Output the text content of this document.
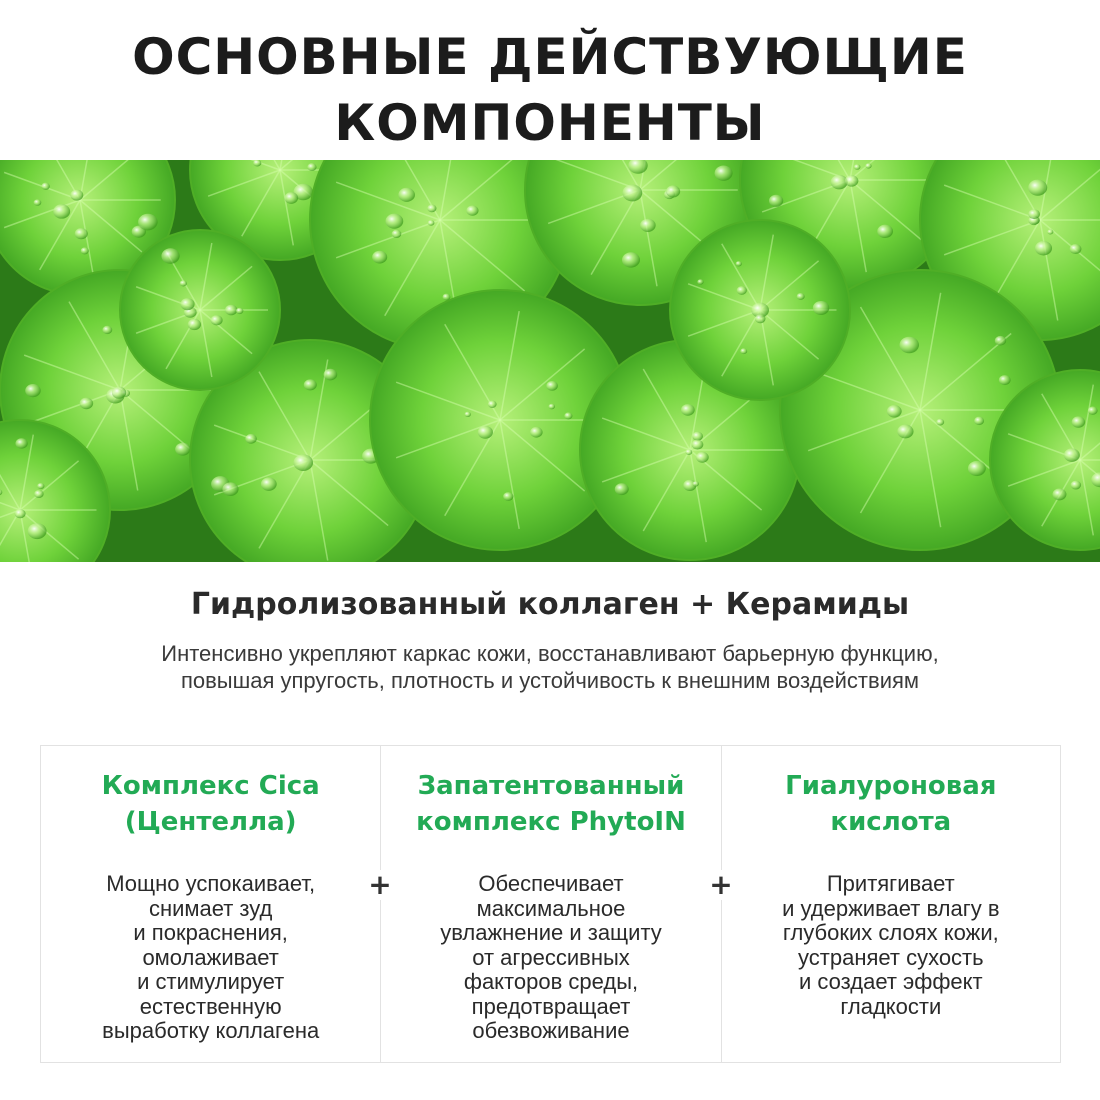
ОСНОВНЫЕ ДЕЙСТВУЮЩИЕ
КОМПОНЕНТЫ
Гидролизованный коллаген + Керамиды
Интенсивно укрепляют каркас кожи, восстанавливают барьерную функцию, повышая упругость, плотность и устойчивость к внешним воздействиям
Комплекс Cica
(Центелла)
Мощно успокаивает,
снимает зуд
и покраснения,
омолаживает
и стимулирует
естественную
выработку коллагена
Запатентованный
комплекс PhytoIN
Обеспечивает
максимальное
увлажнение и защиту
от агрессивных
факторов среды,
предотвращает
обезвоживание
Гиалуроновая
кислота
Притягивает
и удерживает влагу в
глубоких слоях кожи,
устраняет сухость
и создает эффект
гладкости
+	+
